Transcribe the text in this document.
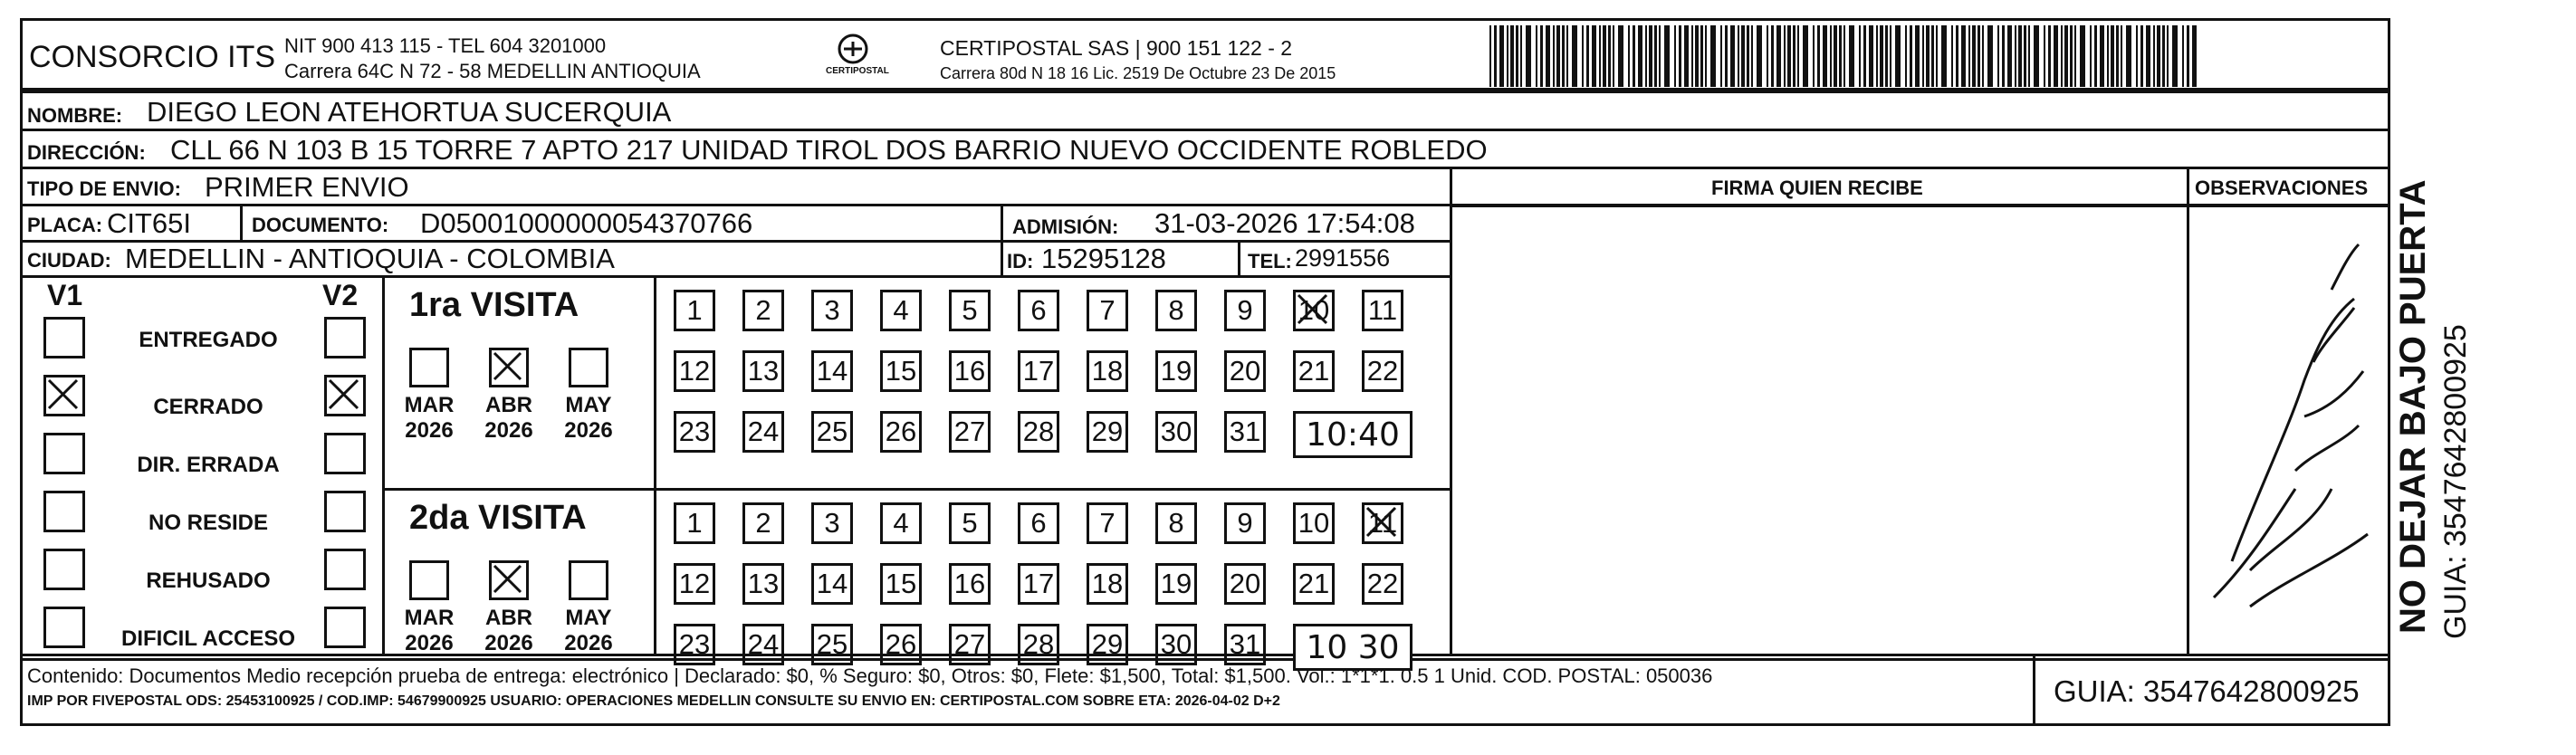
CONSORCIO ITS NIT 900 413 115 - TEL 604 3201000
Carrera 64C N 72 - 58 MEDELLIN ANTIOQUIA	CERTIPOSTAL
CERTIPOSTAL SAS | 900 151 122 - 2
Carrera 80d N 18 16 Lic. 2519 De Octubre 23 De 2015
NOMBRE: DIEGO LEON ATEHORTUA SUCERQUIA
DIRECCIÓN: CLL 66 N 103 B 15 TORRE 7 APTO 217 UNIDAD TIROL DOS BARRIO NUEVO OCCIDENTE ROBLEDO
TIPO DE ENVIO: PRIMER ENVIO	FIRMA QUIEN RECIBE	OBSERVACIONES
PLACA: CIT65I	DOCUMENTO: D05001000000054370766	ADMISIÓN: 31-03-2026 17:54:08
CIUDAD: MEDELLIN - ANTIOQUIA - COLOMBIA	ID: 15295128	TEL: 2991556
V1	V2
ENTREGADO
CERRADO
DIR. ERRADA
NO RESIDE
REHUSADO
DIFICIL ACCESO
1ra VISITA
MAR
2026
ABR
2026
MAY
2026
1	2	3	4	5	6	7	8	9	10 11
12 13 14 15 16 17 18 19 20 21 22
23 24 25 26 27 28 29 30 31	10:40
2da VISITA
MAR
2026
ABR
2026
MAY
2026
1	2	3	4	5	6	7	8	9	10 11
12 13 14 15 16 17 18 19 20 21 22
23 24 25 26 27 28 29 30 31	10 30
Contenido: Documentos Medio recepción prueba de entrega: electrónico | Declarado: $0, % Seguro: $0, Otros: $0, Flete: $1,500, Total: $1,500. Vol.: 1*1*1. 0.5 1 Unid. COD. POSTAL: 050036
IMP POR FIVEPOSTAL ODS: 25453100925 / COD.IMP: 54679900925 USUARIO: OPERACIONES MEDELLIN CONSULTE SU ENVIO EN: CERTIPOSTAL.COM SOBRE ETA: 2026-04-02 D+2	GUIA: 3547642800925
NO DEJAR BAJO PUERTA GUIA: 3547642800925
